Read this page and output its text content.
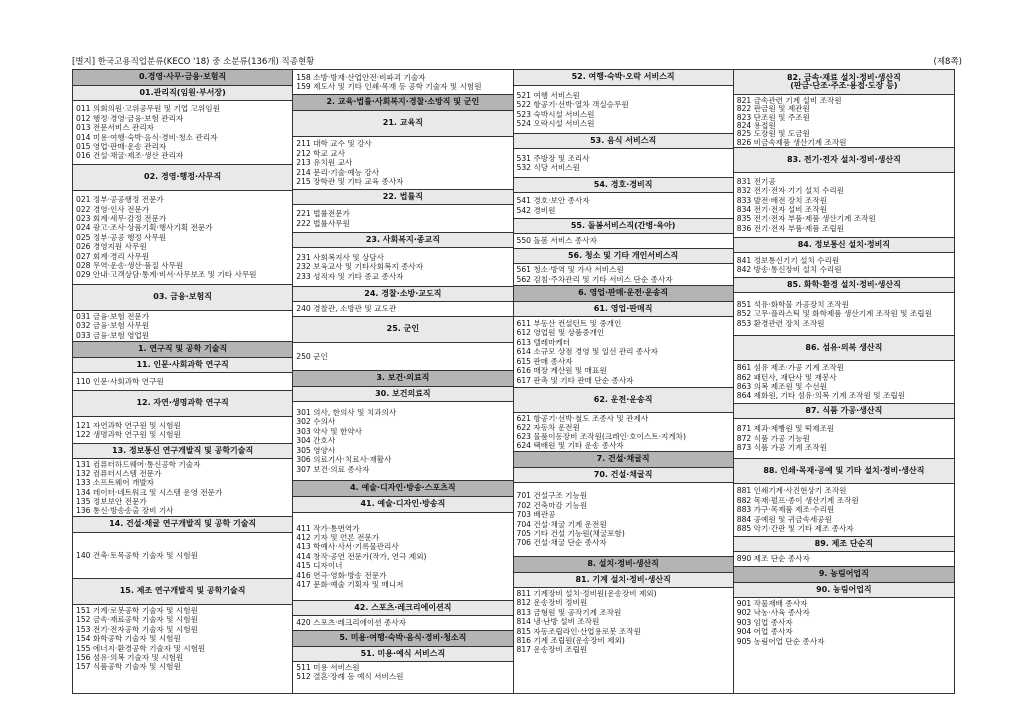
[별지] 한국고용직업분류(KECO '18) 중 소분류(136개) 직종현황	(제8쪽)
0.경영·사무·금융·보험직
01.관리직(임원·부서장)
011 의회의원·고위공무원 및 기업 고위임원
012 행정·경영·금융·보험 관리자
013 전문서비스 관리자
014 미용·여행·숙박·음식·경비·청소 관리자
015 영업·판매·운송 관리자
016 건설·채굴·제조·생산 관리자
02. 경영·행정·사무직
021 정부·공공행정 전문가
022 경영·인사 전문가
023 회계·세무·감정 전문가
024 광고·조사·상품기획·행사기획 전문가
025 정부·공공 행정 사무원
026 경영지원 사무원
027 회계·경리 사무원
028 무역·운송·생산·품질 사무원
029 안내·고객상담·통계·비서·사무보조 및 기타 사무원
03. 금융·보험직
031 금융·보험 전문가
032 금융·보험 사무원
033 금융·보험 영업원
1. 연구직 및 공학 기술직
11. 인문·사회과학 연구직
110 인문·사회과학 연구원
12. 자연·생명과학 연구직
121 자연과학 연구원 및 시험원
122 생명과학 연구원 및 시험원
13. 정보통신 연구개발직 및 공학기술직
131 컴퓨터하드웨어·통신공학 기술자
132 컴퓨터시스템 전문가
133 소프트웨어 개발자
134 데이터·네트워크 및 시스템 운영 전문가
135 정보보안 전문가
136 통신·방송송출 장비 기사
14. 건설·채굴 연구개발직 및 공학 기술직
140 건축·토목공학 기술자 및 시험원
15. 제조 연구개발직 및 공학기술직
151 기계·로봇공학 기술자 및 시험원
152 금속·재료공학 기술자 및 시험원
153 전기·전자공학 기술자 및 시험원
154 화학공학 기술자 및 시험원
155 에너지·환경공학 기술자 및 시험원
156 섬유·의복 기술자 및 시험원
157 식품공학 기술자 및 시험원
158 소방·방재·산업안전·비파괴 기술자
159 제도사 및 기타 인쇄·목재 등 공학 기술자 및 시험원
2. 교육·법률·사회복지·경찰·소방직 및 군인
21. 교육직
211 대학 교수 및 강사
212 학교 교사
213 유치원 교사
214 문리·기술·예능 강사
215 장학관 및 기타 교육 종사자
22. 법률직
221 법률전문가
222 법률사무원
23. 사회복지·종교직
231 사회복지사 및 상담사
232 보육교사 및 기타사회복지 종사자
233 성직자 및 기타 종교 종사자
24. 경찰·소방·교도직
240 경찰관, 소방관 및 교도관
25. 군인
250 군인
3. 보건·의료직
30. 보건의료직
301 의사, 한의사 및 치과의사
302 수의사
303 약사 및 한약사
304 간호사
305 영양사
306 의료기사·치료사·재활사
307 보건·의료 종사자
4. 예술·디자인·방송·스포츠직
41. 예술·디자인·방송직
411 작가·통번역가
412 기자 및 언론 전문가
413 학예사·사서·기록물관리사
414 창작·공연 전문가(작가, 연극 제외)
415 디자이너
416 연극·영화·방송 전문가
417 문화·예술 기획자 및 매니저
42. 스포츠·레크리에이션직
420 스포츠·레크리에이션 종사자
5. 미용·여행·숙박·음식·경비·청소직
51. 미용·예식 서비스직
511 미용 서비스원
512 결혼·장례 등 예식 서비스원
52. 여행·숙박·오락 서비스직
521 여행 서비스원
522 항공기·선박·열차 객실승무원
523 숙박시설 서비스원
524 오락시설 서비스원
53. 음식 서비스직
531 주방장 및 조리사
532 식당 서비스원
54. 경호·경비직
541 경호·보안 종사자
542 경비원
55. 돌봄서비스직(간병·육아)
550 돌봄 서비스 종사자
56. 청소 및 기타 개인서비스직
561 청소·방역 및 가사 서비스원
562 검침·주차관리 및 기타 서비스 단순 종사자
6. 영업·판매·운전·운송직
61. 영업·판매직
611 부동산 컨설턴트 및 중개인
612 영업원 및 상품중개인
613 텔레마케터
614 소규모 상점 경영 및 일선 관리 종사자
615 판매 종사자
616 매장 계산원 및 매표원
617 판촉 및 기타 판매 단순 종사자
62. 운전·운송직
621 항공기·선박·철도 조종사 및 관제사
622 자동차 운전원
623 물품이동장비 조작원(크레인·호이스트·지게차)
624 택배원 및 기타 운송 종사자
7. 건설·채굴직
70. 건설·채굴직
701 건설구조 기능원
702 건축마감 기능원
703 배관공
704 건설·채굴 기계 운전원
705 기타 건설 기능원(채굴포함)
706 건설·채굴 단순 종사자
8. 설치·정비·생산직
81. 기계 설치·정비·생산직
811 기계장비 설치·정비원(운송장비 제외)
812 운송장비 정비원
813 금형원 및 공작기계 조작원
814 냉·난방 설비 조작원
815 자동조립라인·산업용로봇 조작원
816 기계 조립원(운송장비 제외)
817 운송장비 조립원
82. 금속·재료 설치·정비·생산직
(판금·단조·주조·용접·도장 등)
821 금속관련 기계 설비 조작원
822 판금원 및 제관원
823 단조원 및 주조원
824 용접원
825 도장원 및 도금원
826 비금속제품 생산기계 조작원
83. 전기·전자 설치·정비·생산직
831 전기공
832 전기·전자 기기 설치 수리원
833 발전·배전 장치 조작원
834 전기·전자 설비 조작원
835 전기·전자 부품·제품 생산기계 조작원
836 전기·전자 부품·제품 조립원
84. 정보통신 설치·정비직
841 정보통신기기 설치 수리원
842 방송·통신장비 설치 수리원
85. 화학·환경 설치·정비·생산직
851 석유·화학물 가공장치 조작원
852 고무·플라스틱 및 화학제품 생산기계 조작원 및 조립원
853 환경관련 장치 조작원
86. 섬유·의복 생산직
861 섬유 제조·가공 기계 조작원
862 패턴사, 재단사 및 재봉사
863 의복 제조원 및 수선원
864 제화원, 기타 섬유·의복 기계 조작원 및 조립원
87. 식품 가공·생산직
871 제과·제빵원 및 떡제조원
872 식품 가공 기능원
873 식품 가공 기계 조작원
88. 인쇄·목재·공예 및 기타 설치·정비·생산직
881 인쇄기계·사진현상기 조작원
882 목재·펄프·종이 생산기계 조작원
883 가구·목제품 제조·수리원
884 공예원 및 귀금속세공원
885 악기·간판 및 기타 제조 종사자
89. 제조 단순직
890 제조 단순 종사자
9. 농림어업직
90. 농림어업직
901 작물재배 종사자
902 낙농·사육 종사자
903 임업 종사자
904 어업 종사자
905 농림어업 단순 종사자
